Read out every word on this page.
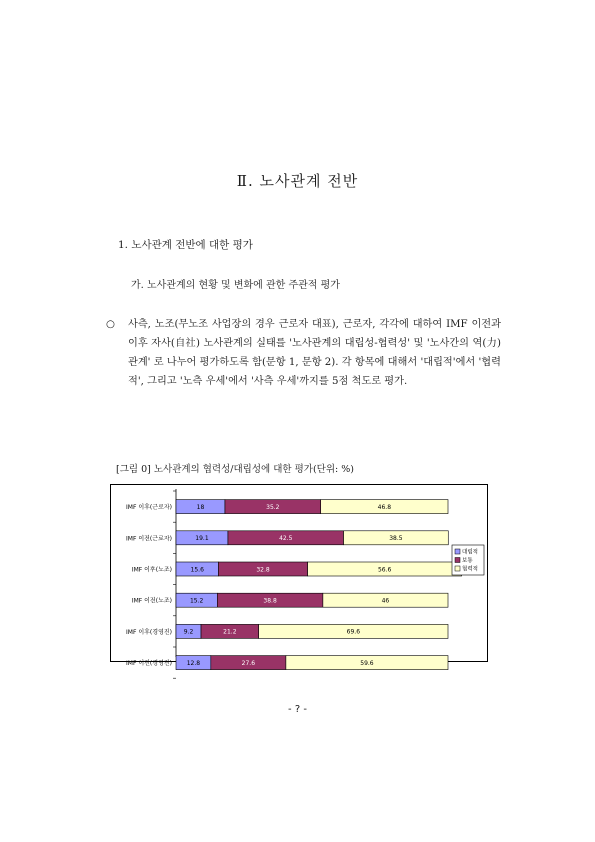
Ⅱ. 노사관계 전반
1. 노사관계 전반에 대한 평가
가. 노사관계의 현황 및 변화에 관한 주관적 평가
○ 사측, 노조(무노조 사업장의 경우 근로자 대표), 근로자, 각각에 대하여 IMF 이전과 이후 자사(自社) 노사관계의 실태를 '노사관계의 대립성-협력성' 및 '노사간의 역(力)관계' 로 나누어 평가하도록 함(문항 1, 문항 2). 각 항목에 대해서 '대립적'에서 '협력적', 그리고 '노측 우세'에서 '사측 우세'까지를 5점 척도로 평가.
[그림 0] 노사관계의 협력성/대립성에 대한 평가(단위: %)
IMF 이후(근로자)	18	35.2	46.8
IMF 이전(근로자)	19.1	42.5	38.5
IMF 이후(노조)	15.6	32.8	56.6
IMF 이전(노조)	15.2	38.8	46
IMF 이후(경영진) 9.2	21.2	69.6
IMF 이전(경영진) 12.8	27.6	59.6
대립적
보통
협력적
- ? -
